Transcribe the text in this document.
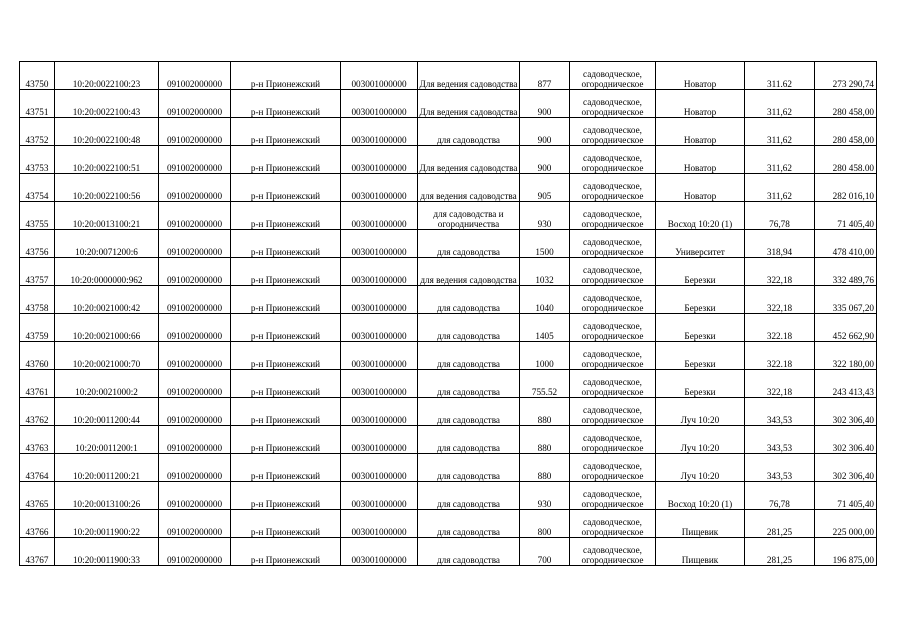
43750	10:20:0022100:23	091002000000	р-н Прионежский	003001000000	Для ведения садоводства	877	садоводческое, огородническое	Новатор	311.62	273 290,74
43751	10:20:0022100:43	091002000000	р-н Прионежский	003001000000	Для ведения садоводства	900	садоводческое, огородническое	Новатор	311,62	280 458,00
43752	10:20:0022100:48	091002000000	р-н Прионежский	003001000000	для садоводства	900	садоводческое, огородническое	Новатор	311,62	280 458,00
43753	10:20:0022100:51	091002000000	р-н Прионежский	003001000000	Для ведения садоводства	900	садоводческое, огородническое	Новатор	311,62	280 458.00
43754	10:20:0022100:56	091002000000	р-н Прионежский	003001000000	для ведения садоводства	905	садоводческое, огородническое	Новатор	311,62	282 016,10
43755	10:20:0013100:21	091002000000	р-н Прионежский	003001000000	для садоводства и огородничества	930	садоводческое, огородническое	Восход 10:20 (1)	76,78	71 405,40
43756	10:20:0071200:6	091002000000	р-н Прионежский	003001000000	для садоводства	1500	садоводческое, огородническое	Университет	318,94	478 410,00
43757	10:20:0000000:962	091002000000	р-н Прионежский	003001000000	для ведения садоводства	1032	садоводческое, огородническое	Березки	322,18	332 489,76
43758	10:20:0021000:42	091002000000	р-н Прионежский	003001000000	для садоводства	1040	садоводческое, огородническое	Березки	322,18	335 067,20
43759	10:20:0021000:66	091002000000	р-н Прионежский	003001000000	для садоводства	1405	садоводческое, огородническое	Березки	322.18	452 662,90
43760	10:20:0021000:70	091002000000	р-н Прионежский	003001000000	для садоводства	1000	садоводческое, огородническое	Березки	322.18	322 180,00
43761	10:20:0021000:2	091002000000	р-н Прионежский	003001000000	для садоводства	755.52	садоводческое, огородническое	Березки	322,18	243 413,43
43762	10:20:0011200:44	091002000000	р-н Прионежский	003001000000	для садоводства	880	садоводческое, огородническое	Луч 10:20	343,53	302 306,40
43763	10:20:0011200:1	091002000000	р-н Прионежский	003001000000	для садоводства	880	садоводческое, огородническое	Луч 10:20	343,53	302 306.40
43764	10:20:0011200:21	091002000000	р-н Прионежский	003001000000	для садоводства	880	садоводческое, огородническое	Луч 10:20	343,53	302 306,40
43765	10:20:0013100:26	091002000000	р-н Прионежский	003001000000	для садоводства	930	садоводческое, огородническое	Восход 10:20 (1)	76,78	71 405,40
43766	10:20:0011900:22	091002000000	р-н Прионежский	003001000000	для садоводства	800	садоводческое, огородническое	Пищевик	281,25	225 000,00
43767	10:20:0011900:33	091002000000	р-н Прионежский	003001000000	для садоводства	700	садоводческое, огородническое	Пищевик	281,25	196 875,00
